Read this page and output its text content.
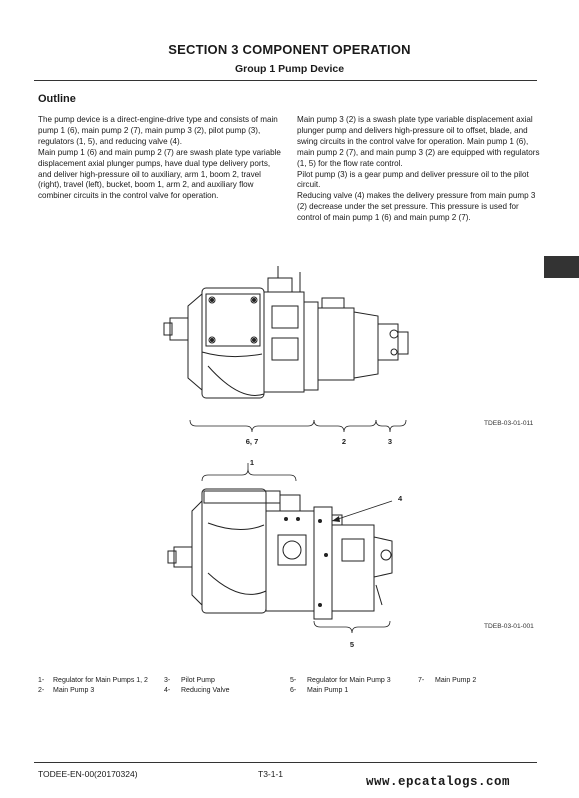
SECTION 3 COMPONENT OPERATION
Group 1 Pump Device
Outline

The pump device is a direct-engine-drive type and consists of main pump 1 (6), main pump 2 (7), main pump 3 (2), pilot pump (3), regulators (1, 5), and reducing valve (4).

Main pump 1 (6) and main pump 2 (7) are swash plate type variable displacement axial plunger pumps, have dual type delivery ports, and deliver high-pressure oil to auxiliary, arm 1, boom 2, travel (right), travel (left), bucket, boom 1, arm 2, and auxiliary flow combiner circuits in the control valve for operation.

Main pump 3 (2) is a swash plate type variable displacement axial plunger pump and delivers high-pressure oil to offset, blade, and swing circuits in the control valve for operation. Main pump 1 (6), main pump 2 (7), and main pump 3 (2) are equipped with regulators (1, 5) for the flow rate control.

Pilot pump (3) is a gear pump and deliver pressure oil to the pilot circuit.

Reducing valve (4) makes the delivery pressure from main pump 3 (2) decrease under the set pressure. This pressure is used for control of main pump 1 (6) and main pump 2 (7).

6, 7	2	3
TDEB-03-01-011
1
4
5
TDEB-03-01-001
1- Regulator for Main Pumps 1, 2
2- Main Pump 3
3- Pilot Pump
4- Reducing Valve
5- Regulator for Main Pump 3
6- Main Pump 1
7- Main Pump 2
TODEE-EN-00(20170324)	T3-1-1
www.epcatalogs.com
